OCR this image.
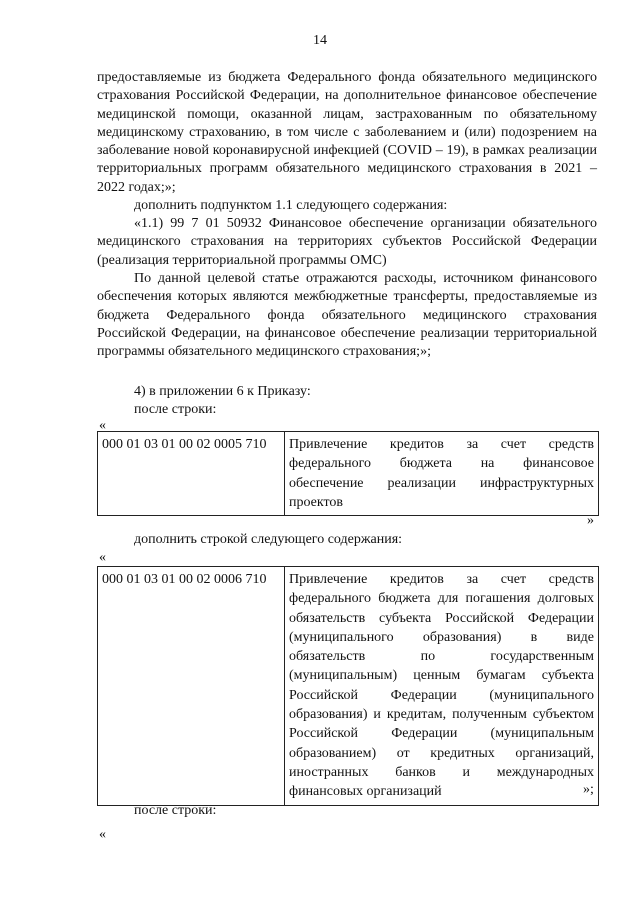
14
предоставляемые из бюджета Федерального фонда обязательного медицинского страхования Российской Федерации, на дополнительное финансовое обеспечение медицинской помощи, оказанной лицам, застрахованным по обязательному медицинскому страхованию, в том числе с заболеванием и (или) подозрением на заболевание новой коронавирусной инфекцией (COVID – 19), в рамках реализации территориальных программ обязательного медицинского страхования в 2021 – 2022 годах;»;
дополнить подпунктом 1.1 следующего содержания:
«1.1) 99 7 01 50932 Финансовое обеспечение организации обязательного медицинского страхования на территориях субъектов Российской Федерации (реализация территориальной программы ОМС)
По данной целевой статье отражаются расходы, источником финансового обеспечения которых являются межбюджетные трансферты, предоставляемые из бюджета Федерального фонда обязательного медицинского страхования Российской Федерации, на финансовое обеспечение реализации территориальной программы обязательного медицинского страхования;»;
4) в приложении 6 к Приказу:
после строки:
«
000 01 03 01 00 02 0005 710	Привлечение кредитов за счет средств федерального бюджета на финансовое обеспечение реализации инфраструктурных проектов
»
дополнить строкой следующего содержания:
«
000 01 03 01 00 02 0006 710	Привлечение кредитов за счет средств федерального бюджета для погашения долговых обязательств субъекта Российской Федерации (муниципального образования) в виде обязательств по государственным (муниципальным) ценным бумагам субъекта Российской Федерации (муниципального образования) и кредитам, полученным субъектом Российской Федерации (муниципальным образованием) от кредитных организаций, иностранных банков и международных финансовых организаций	»;
после строки:
«
